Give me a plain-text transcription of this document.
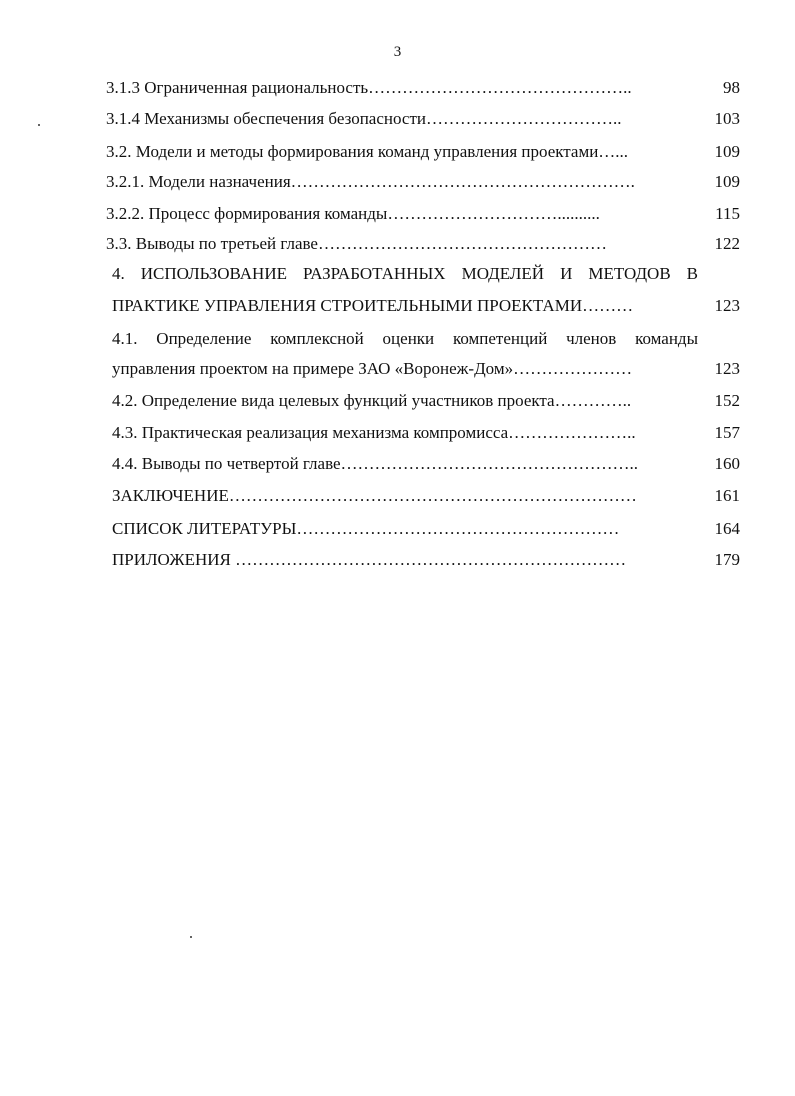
3
3.1.3 Ограниченная рациональность………………………………………..	98
3.1.4 Механизмы обеспечения безопасности……………………………..	103
3.2. Модели и методы формирования команд управления проектами…...	109
3.2.1. Модели назначения…………………………………………………….	109
3.2.2. Процесс формирования команды…………………………..........	115
3.3. Выводы по третьей главе……………………………………………	122
4. ИСПОЛЬЗОВАНИЕ РАЗРАБОТАННЫХ МОДЕЛЕЙ И МЕТОДОВ В
ПРАКТИКЕ УПРАВЛЕНИЯ СТРОИТЕЛЬНЫМИ ПРОЕКТАМИ………	123
4.1. Определение комплексной оценки компетенций членов команды
управления проектом на примере ЗАО «Воронеж-Дом»…………………	123
4.2. Определение вида целевых функций участников проекта…………..	152
4.3. Практическая реализация механизма компромисса…………………..	157
4.4. Выводы по четвертой главе……………………………………………..	160
ЗАКЛЮЧЕНИЕ………………………………………………………………	161
СПИСОК ЛИТЕРАТУРЫ…………………………………………………	164
ПРИЛОЖЕНИЯ ……………………………………………………………	179
